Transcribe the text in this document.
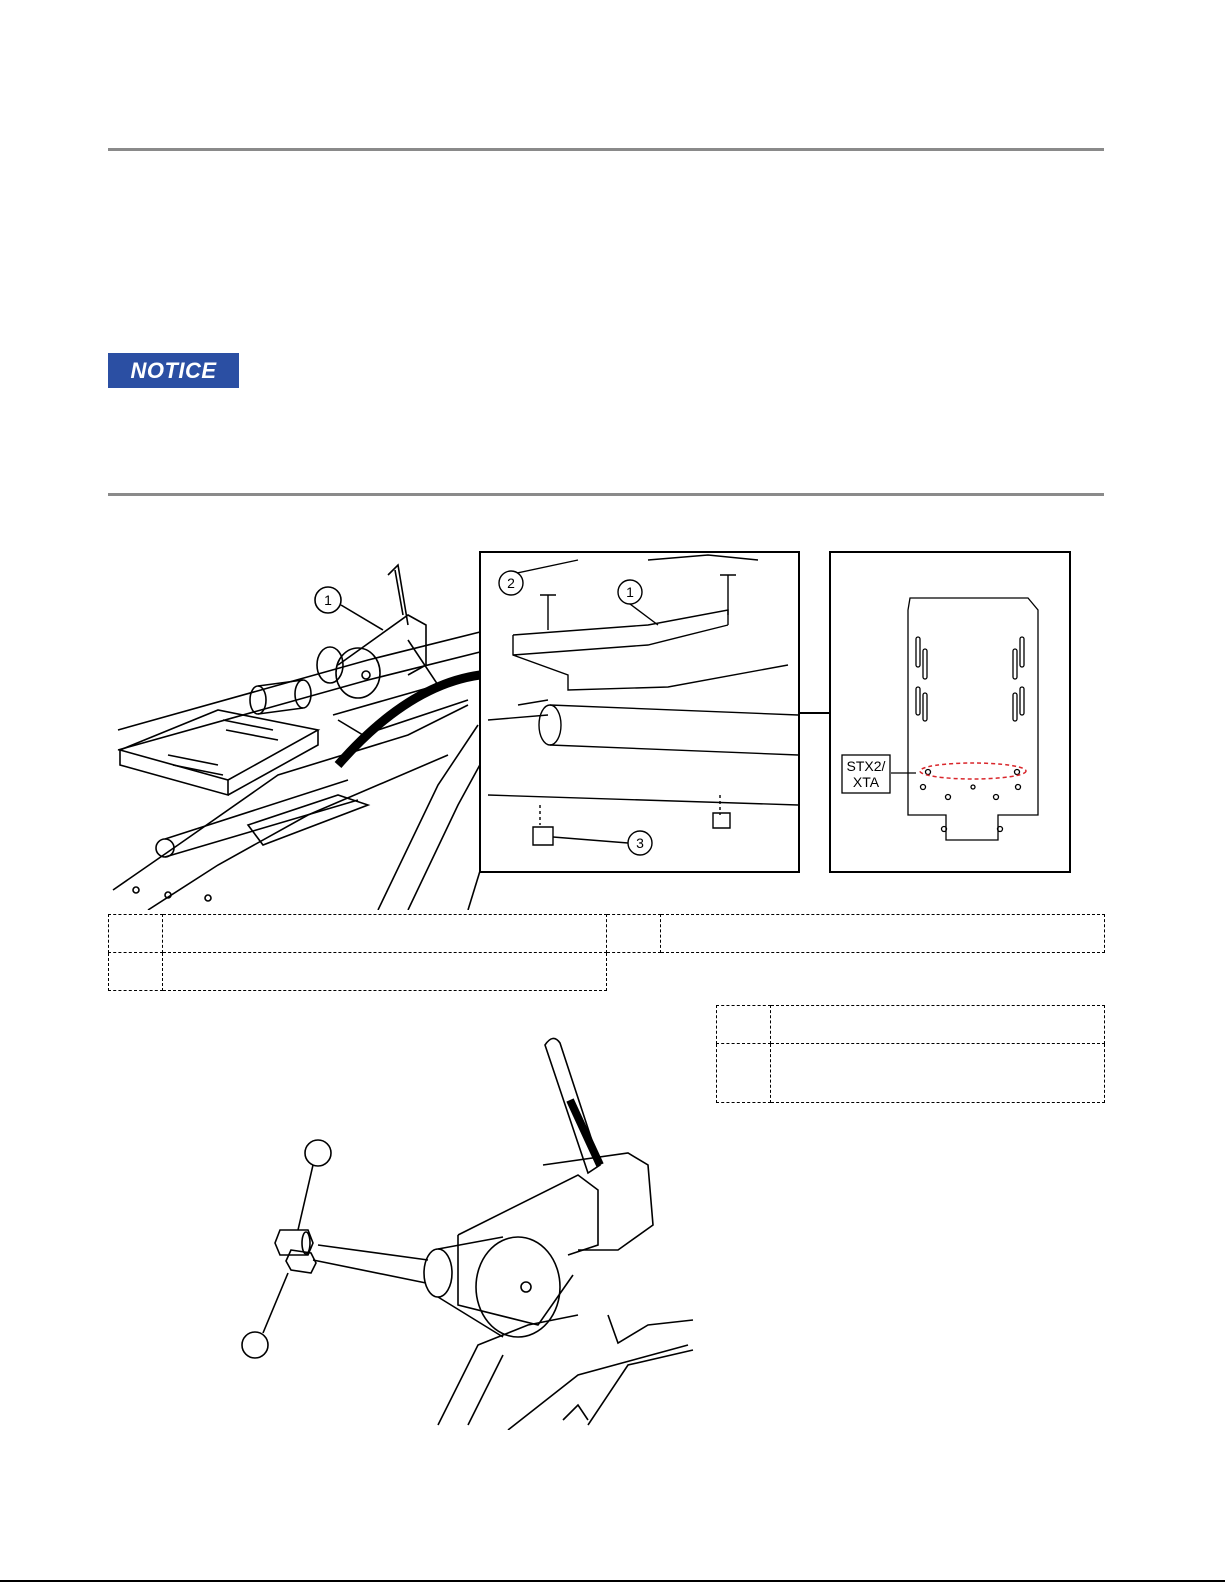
NOTICE
1
2
1
3
STX2/
XTA
